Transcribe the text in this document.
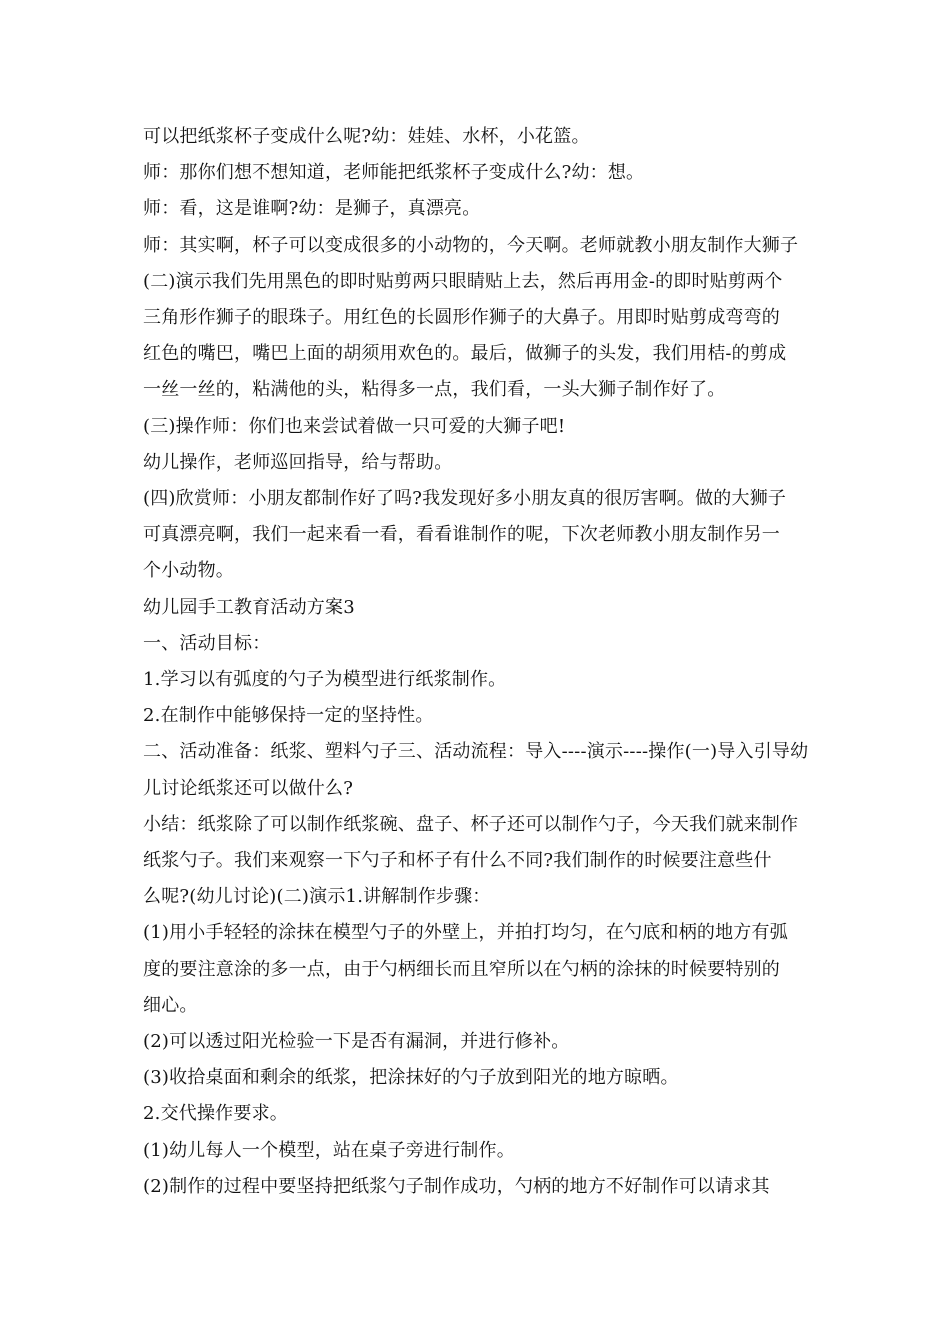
可以把纸浆杯子变成什么呢?幼：娃娃、水杯，小花篮。
师：那你们想不想知道，老师能把纸浆杯子变成什么?幼：想。
师：看，这是谁啊?幼：是狮子，真漂亮。
师：其实啊，杯子可以变成很多的小动物的，今天啊。老师就教小朋友制作大狮子
(二)演示我们先用黑色的即时贴剪两只眼睛贴上去，然后再用金-的即时贴剪两个
三角形作狮子的眼珠子。用红色的长圆形作狮子的大鼻子。用即时贴剪成弯弯的
红色的嘴巴，嘴巴上面的胡须用欢色的。最后，做狮子的头发，我们用桔-的剪成
一丝一丝的，粘满他的头，粘得多一点，我们看，一头大狮子制作好了。
(三)操作师：你们也来尝试着做一只可爱的大狮子吧!
幼儿操作，老师巡回指导，给与帮助。
(四)欣赏师：小朋友都制作好了吗?我发现好多小朋友真的很厉害啊。做的大狮子
可真漂亮啊，我们一起来看一看，看看谁制作的呢，下次老师教小朋友制作另一
个小动物。
幼儿园手工教育活动方案3
一、活动目标：
1.学习以有弧度的勺子为模型进行纸浆制作。
2.在制作中能够保持一定的坚持性。
二、活动准备：纸浆、塑料勺子三、活动流程：导入----演示----操作(一)导入引导幼
儿讨论纸浆还可以做什么?
小结：纸浆除了可以制作纸浆碗、盘子、杯子还可以制作勺子，今天我们就来制作
纸浆勺子。我们来观察一下勺子和杯子有什么不同?我们制作的时候要注意些什
么呢?(幼儿讨论)(二)演示1.讲解制作步骤：
(1)用小手轻轻的涂抹在模型勺子的外壁上，并拍打均匀，在勺底和柄的地方有弧
度的要注意涂的多一点，由于勺柄细长而且窄所以在勺柄的涂抹的时候要特别的
细心。
(2)可以透过阳光检验一下是否有漏洞，并进行修补。
(3)收拾桌面和剩余的纸浆，把涂抹好的勺子放到阳光的地方晾晒。
2.交代操作要求。
(1)幼儿每人一个模型，站在桌子旁进行制作。
(2)制作的过程中要坚持把纸浆勺子制作成功，勺柄的地方不好制作可以请求其
